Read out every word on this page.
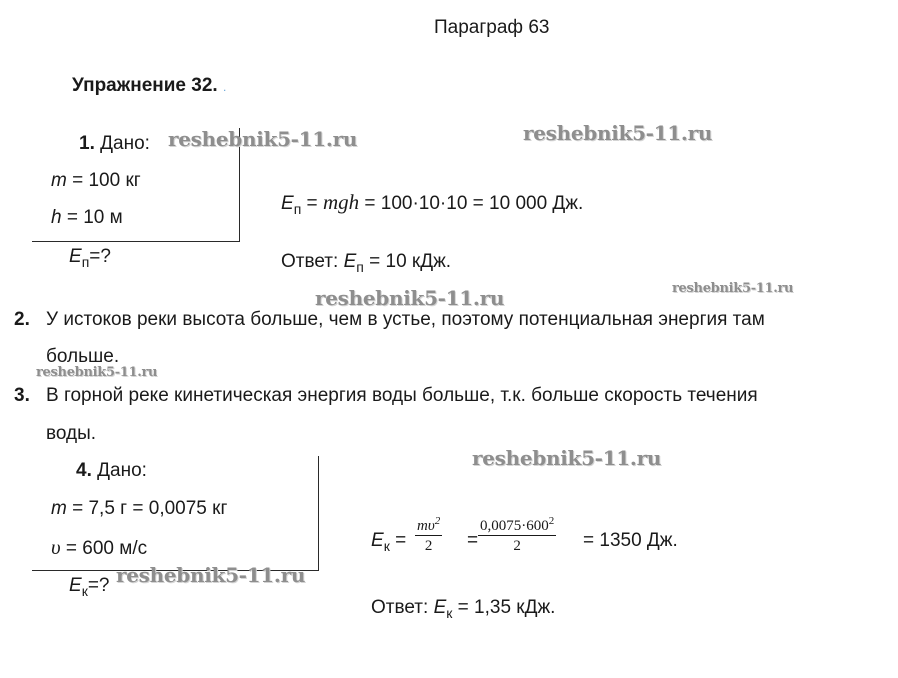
Параграф 63
Упражнение 32. .
1. Дано:
m = 100 кг
h = 10 м
$E_п=$?
$E_п$ = mgh = 100·10·10 = 10 000 Дж.
Ответ: $E_п = 10$ кДж.
2. У истоков реки высота больше, чем в устье, поэтому потенциальная энергия там
больше.
3. В горной реке кинетическая энергия воды больше, т.к. больше скорость течения
воды.
4. Дано:
m = 7,5 г = 0,0075 кг
υ = 600 м/с
$E_к=$?
$E_к$ =
$m\upsilon^2$
2 =
$0,0075\cdot 600^2$
2	= 1350 Дж.
Ответ: $E_к = 1,35$ кДж.
reshebnik5-11.ru	reshebnik5-11.ru
reshebnik5-11.ru	reshebnik5-11.ru
reshebnik5-11.ru
reshebnik5-11.ru
reshebnik5-11.ru
